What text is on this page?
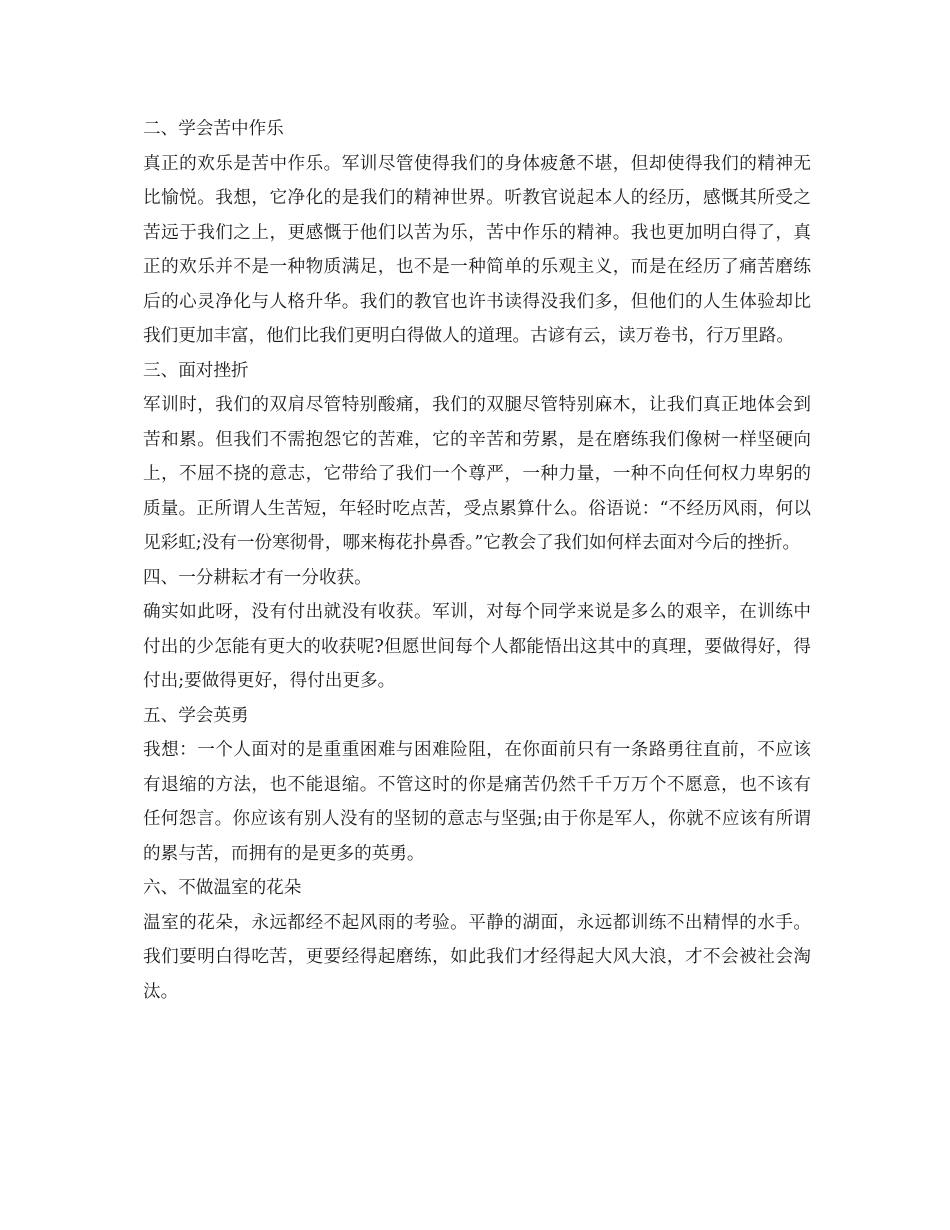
二、学会苦中作乐

真正的欢乐是苦中作乐。军训尽管使得我们的身体疲惫不堪，但却使得我们的精神无比愉悦。我想，它净化的是我们的精神世界。听教官说起本人的经历，感慨其所受之苦远于我们之上，更感慨于他们以苦为乐，苦中作乐的精神。我也更加明白得了，真正的欢乐并不是一种物质满足，也不是一种简单的乐观主义，而是在经历了痛苦磨练后的心灵净化与人格升华。我们的教官也许书读得没我们多，但他们的人生体验却比我们更加丰富，他们比我们更明白得做人的道理。古谚有云，读万卷书，行万里路。

三、面对挫折

军训时，我们的双肩尽管特别酸痛，我们的双腿尽管特别麻木，让我们真正地体会到苦和累。但我们不需抱怨它的苦难，它的辛苦和劳累，是在磨练我们像树一样坚硬向上，不屈不挠的意志，它带给了我们一个尊严，一种力量，一种不向任何权力卑躬的质量。正所谓人生苦短，年轻时吃点苦，受点累算什么。俗语说：“不经历风雨，何以见彩虹;没有一份寒彻骨，哪来梅花扑鼻香。”它教会了我们如何样去面对今后的挫折。

四、一分耕耘才有一分收获。

确实如此呀，没有付出就没有收获。军训，对每个同学来说是多么的艰辛，在训练中付出的少怎能有更大的收获呢?但愿世间每个人都能悟出这其中的真理，要做得好，得付出;要做得更好，得付出更多。

五、学会英勇

我想：一个人面对的是重重困难与困难险阻，在你面前只有一条路勇往直前，不应该有退缩的方法，也不能退缩。不管这时的你是痛苦仍然千千万万个不愿意，也不该有任何怨言。你应该有别人没有的坚韧的意志与坚强;由于你是军人，你就不应该有所谓的累与苦，而拥有的是更多的英勇。

六、不做温室的花朵

温室的花朵，永远都经不起风雨的考验。平静的湖面，永远都训练不出精悍的水手。我们要明白得吃苦，更要经得起磨练，如此我们才经得起大风大浪，才不会被社会淘汰。
